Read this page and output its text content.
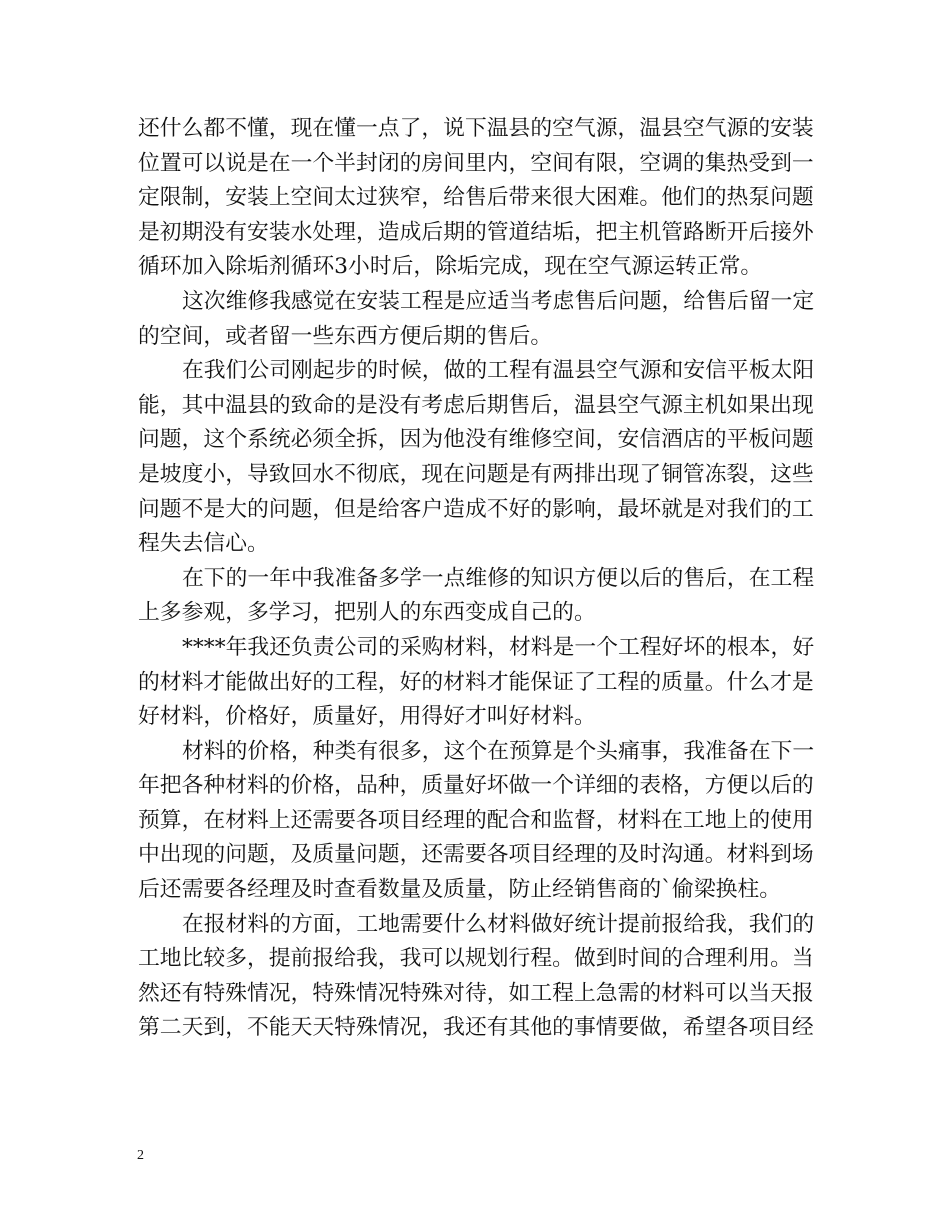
还什么都不懂，现在懂一点了，说下温县的空气源，温县空气源的安装
位置可以说是在一个半封闭的房间里内，空间有限，空调的集热受到一
定限制，安装上空间太过狭窄，给售后带来很大困难。他们的热泵问题
是初期没有安装水处理，造成后期的管道结垢，把主机管路断开后接外
循环加入除垢剂循环3小时后，除垢完成，现在空气源运转正常。

这次维修我感觉在安装工程是应适当考虑售后问题，给售后留一定
的空间，或者留一些东西方便后期的售后。

在我们公司刚起步的时候，做的工程有温县空气源和安信平板太阳
能，其中温县的致命的是没有考虑后期售后，温县空气源主机如果出现
问题，这个系统必须全拆，因为他没有维修空间，安信酒店的平板问题
是坡度小，导致回水不彻底，现在问题是有两排出现了铜管冻裂，这些
问题不是大的问题，但是给客户造成不好的影响，最坏就是对我们的工
程失去信心。

在下的一年中我准备多学一点维修的知识方便以后的售后，在工程
上多参观，多学习，把别人的东西变成自己的。

****年我还负责公司的采购材料，材料是一个工程好坏的根本，好
的材料才能做出好的工程，好的材料才能保证了工程的质量。什么才是
好材料，价格好，质量好，用得好才叫好材料。

材料的价格，种类有很多，这个在预算是个头痛事，我准备在下一
年把各种材料的价格，品种，质量好坏做一个详细的表格，方便以后的
预算，在材料上还需要各项目经理的配合和监督，材料在工地上的使用
中出现的问题，及质量问题，还需要各项目经理的及时沟通。材料到场
后还需要各经理及时查看数量及质量，防止经销售商的`偷梁换柱。

在报材料的方面，工地需要什么材料做好统计提前报给我，我们的
工地比较多，提前报给我，我可以规划行程。做到时间的合理利用。当
然还有特殊情况，特殊情况特殊对待，如工程上急需的材料可以当天报
第二天到，不能天天特殊情况，我还有其他的事情要做，希望各项目经

2
